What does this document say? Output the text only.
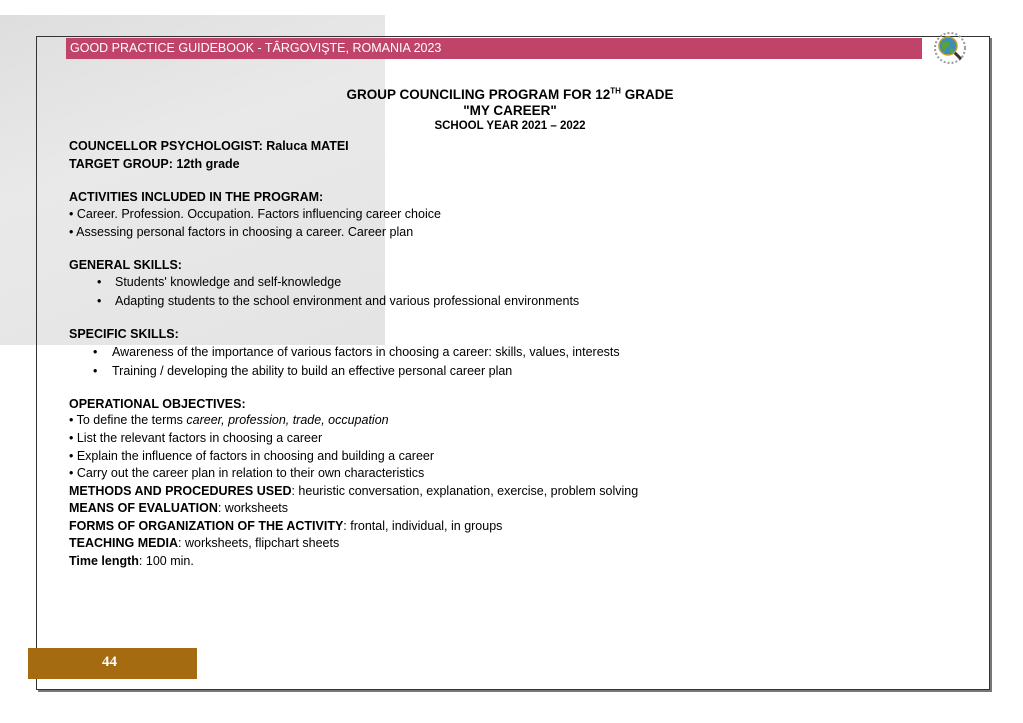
GOOD PRACTICE GUIDEBOOK - TÂRGOVIŞTE, ROMANIA 2023
GROUP COUNCILING PROGRAM FOR 12TH GRADE
"MY CAREER"
SCHOOL YEAR 2021 – 2022
COUNCELLOR PSYCHOLOGIST: Raluca MATEI
TARGET GROUP: 12th grade
ACTIVITIES INCLUDED IN THE PROGRAM:
• Career. Profession. Occupation. Factors influencing career choice
• Assessing personal factors in choosing a career. Career plan
GENERAL SKILLS:
• Students' knowledge and self-knowledge
• Adapting students to the school environment and various professional environments
SPECIFIC SKILLS:
• Awareness of the importance of various factors in choosing a career: skills, values, interests
• Training / developing the ability to build an effective personal career plan
OPERATIONAL OBJECTIVES:
• To define the terms career, profession, trade, occupation
• List the relevant factors in choosing a career
• Explain the influence of factors in choosing and building a career
• Carry out the career plan in relation to their own characteristics
METHODS AND PROCEDURES USED: heuristic conversation, explanation, exercise, problem solving
MEANS OF EVALUATION: worksheets
FORMS OF ORGANIZATION OF THE ACTIVITY: frontal, individual, in groups
TEACHING MEDIA: worksheets, flipchart sheets
Time length: 100 min.
44
